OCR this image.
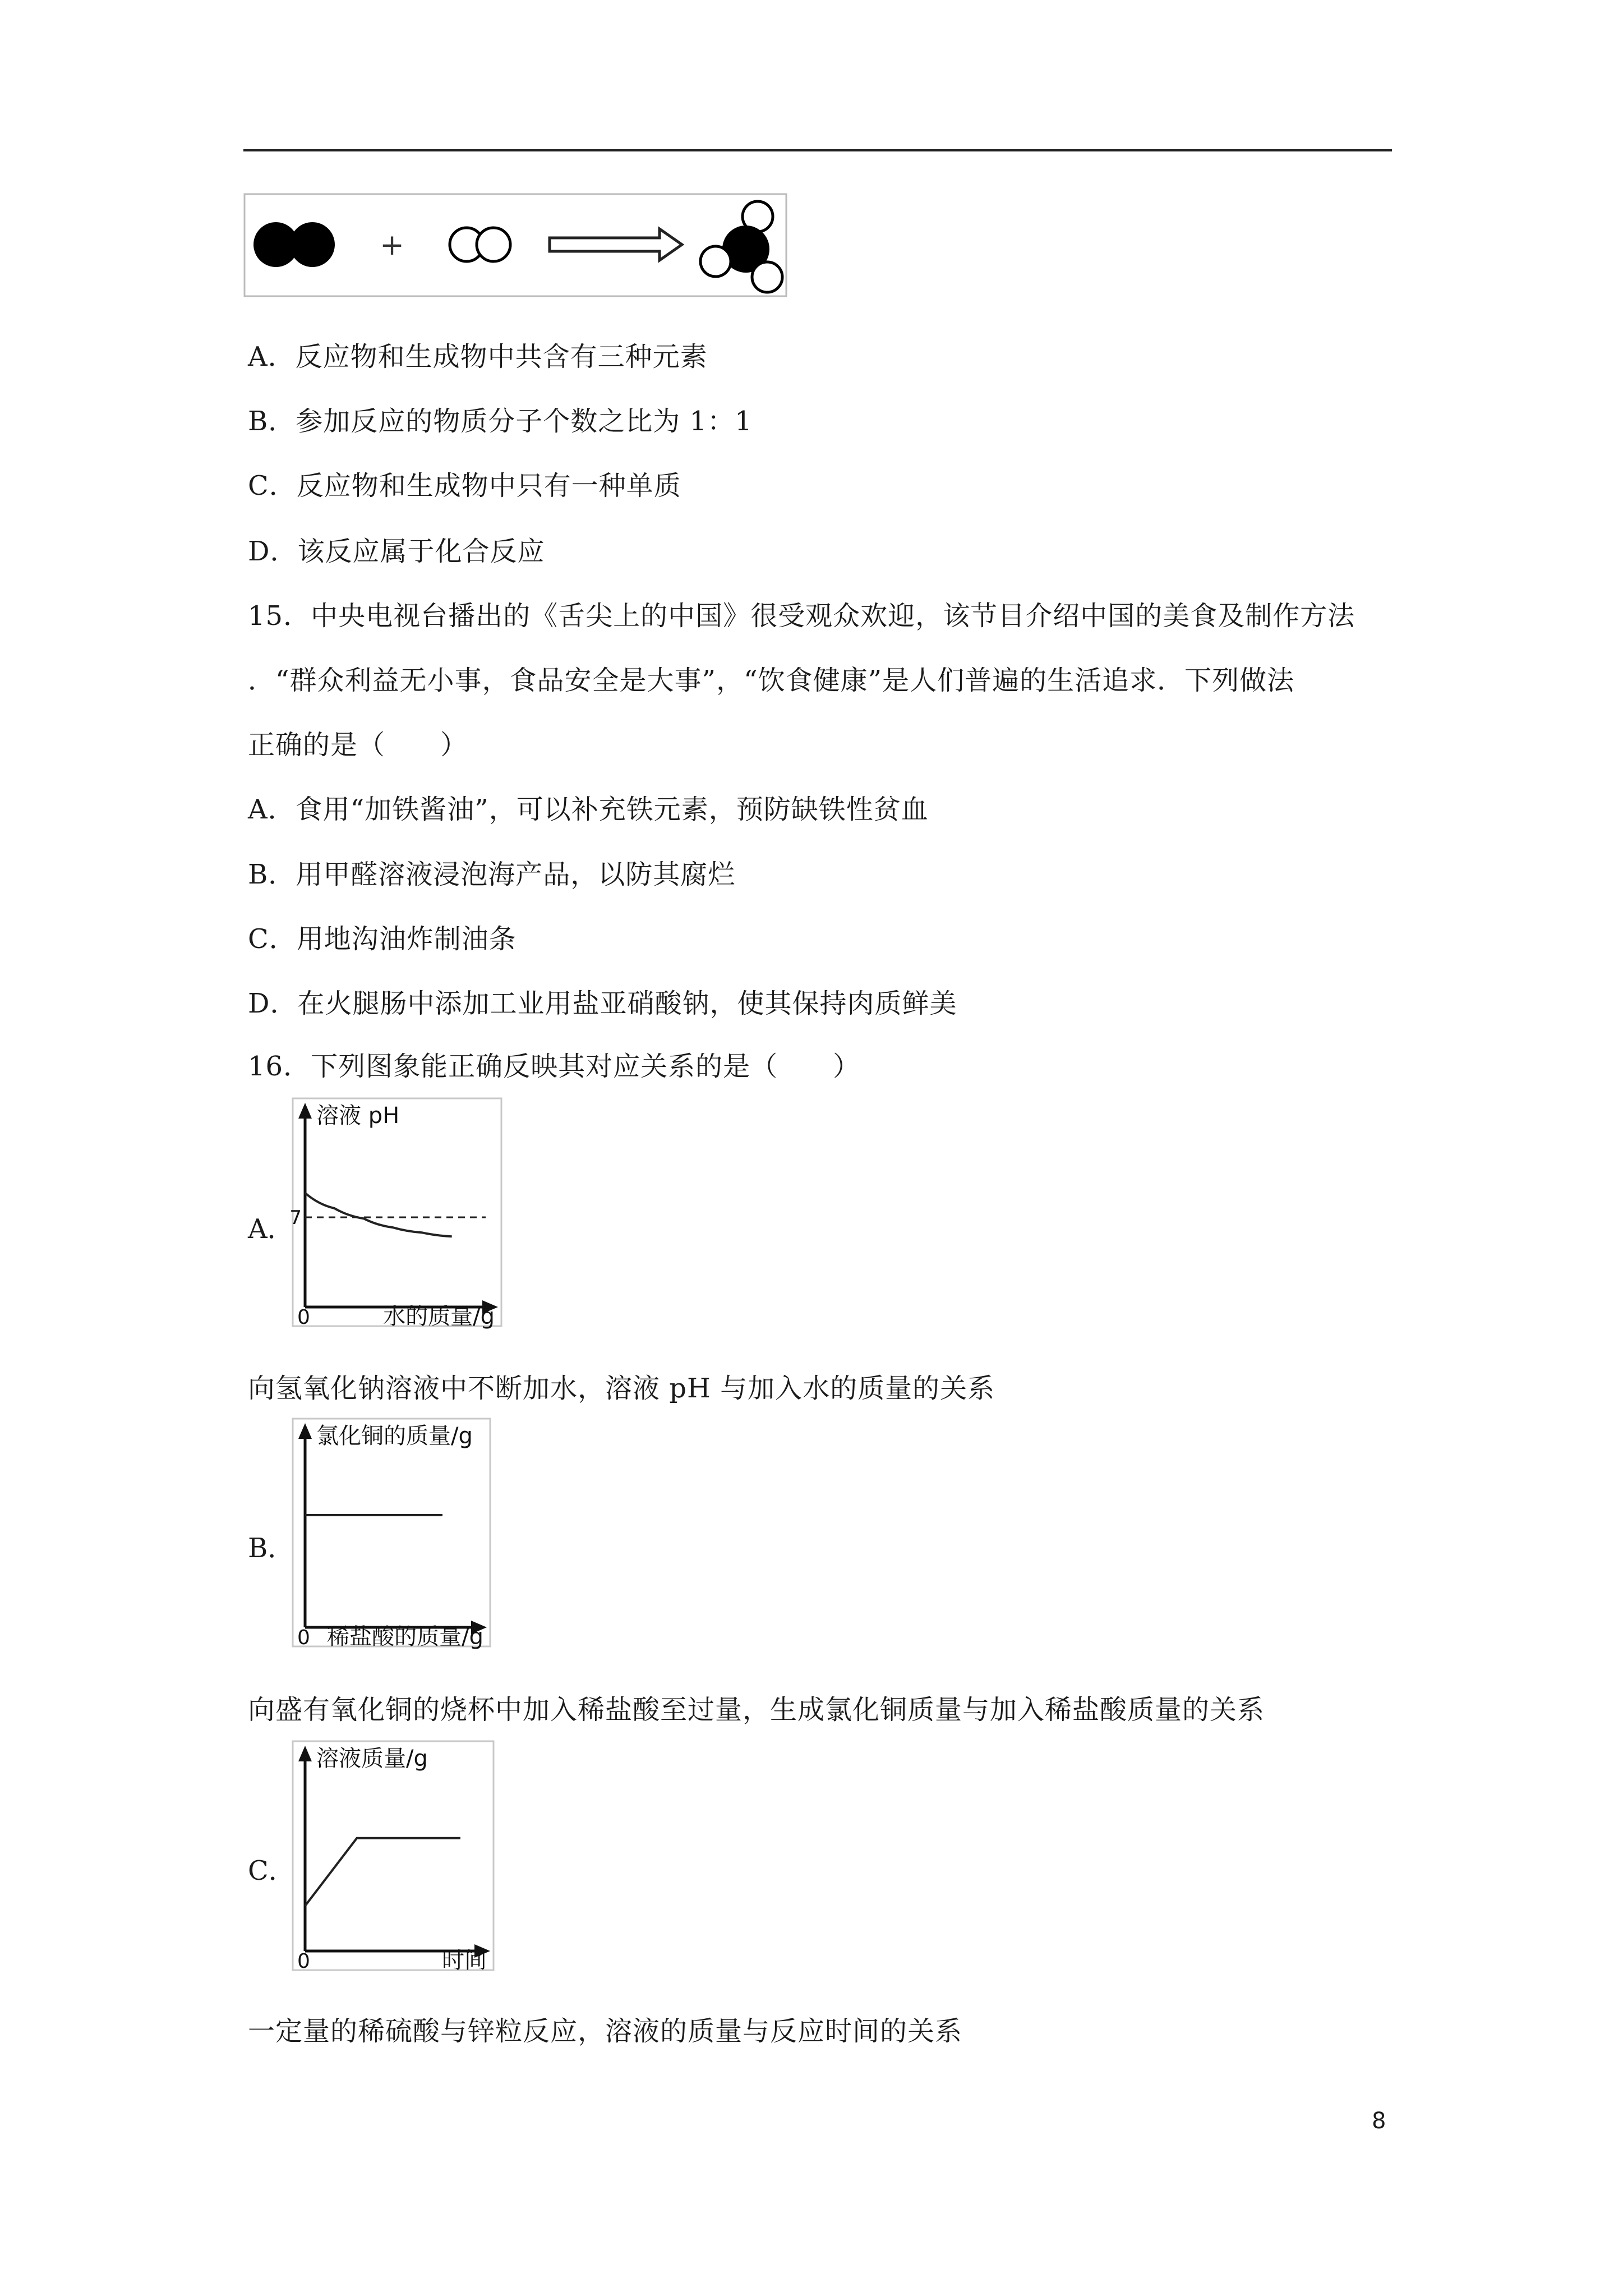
+
A．反应物和生成物中共含有三种元素
B．参加反应的物质分子个数之比为 1：1
C．反应物和生成物中只有一种单质
D．该反应属于化合反应
15．中央电视台播出的《舌尖上的中国》很受观众欢迎，该节目介绍中国的美食及制作方法
．“群众利益无小事，食品安全是大事”，“饮食健康”是人们普遍的生活追求．下列做法
正确的是（　　）
A．食用“加铁酱油”，可以补充铁元素，预防缺铁性贫血
B．用甲醛溶液浸泡海产品，以防其腐烂
C．用地沟油炸制油条
D．在火腿肠中添加工业用盐亚硝酸钠，使其保持肉质鲜美
16．下列图象能正确反映其对应关系的是（　　）
A．
溶液 pH
水的质量/g
0
7
向氢氧化钠溶液中不断加水，溶液 pH 与加入水的质量的关系
B．
氯化铜的质量/g
稀盐酸的质量/g
0
向盛有氧化铜的烧杯中加入稀盐酸至过量，生成氯化铜质量与加入稀盐酸质量的关系
C．
溶液质量/g
时间
0
一定量的稀硫酸与锌粒反应，溶液的质量与反应时间的关系
8
